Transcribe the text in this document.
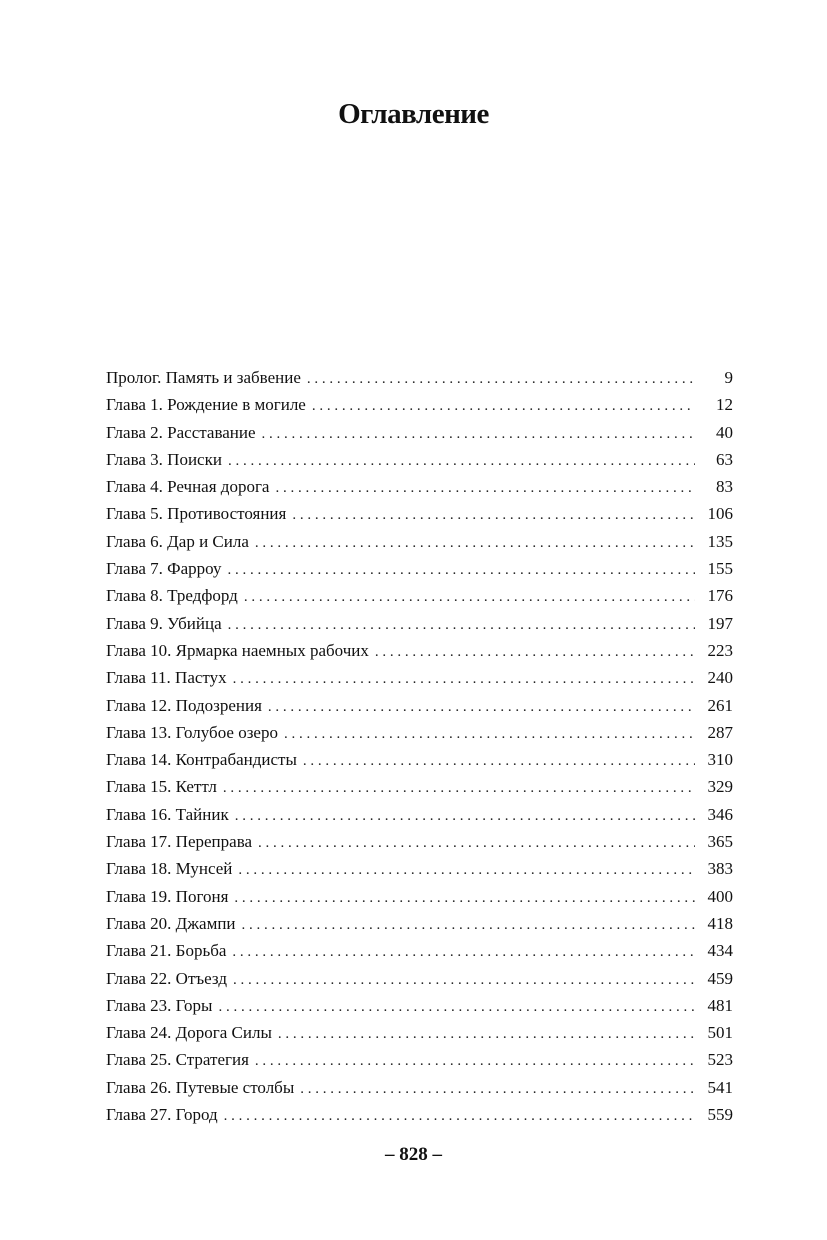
Оглавление
Пролог. Память и забвение . . .	9
Глава 1. Рождение в могиле . . .	12
Глава 2. Расставание . . .	40
Глава 3. Поиски . . .	63
Глава 4. Речная дорога . . .	83
Глава 5. Противостояния . . .	106
Глава 6. Дар и Сила . . .	135
Глава 7. Фарроу . . .	155
Глава 8. Тредфорд . . .	176
Глава 9. Убийца . . .	197
Глава 10. Ярмарка наемных рабочих . . .	223
Глава 11. Пастух . . .	240
Глава 12. Подозрения . . .	261
Глава 13. Голубое озеро . . .	287
Глава 14. Контрабандисты . . .	310
Глава 15. Кеттл . . .	329
Глава 16. Тайник . . .	346
Глава 17. Переправа . . .	365
Глава 18. Мунсей . . .	383
Глава 19. Погоня . . .	400
Глава 20. Джампи . . .	418
Глава 21. Борьба . . .	434
Глава 22. Отъезд . . .	459
Глава 23. Горы . . .	481
Глава 24. Дорога Силы . . .	501
Глава 25. Стратегия . . .	523
Глава 26. Путевые столбы . . .	541
Глава 27. Город . . .	559
– 828 –
